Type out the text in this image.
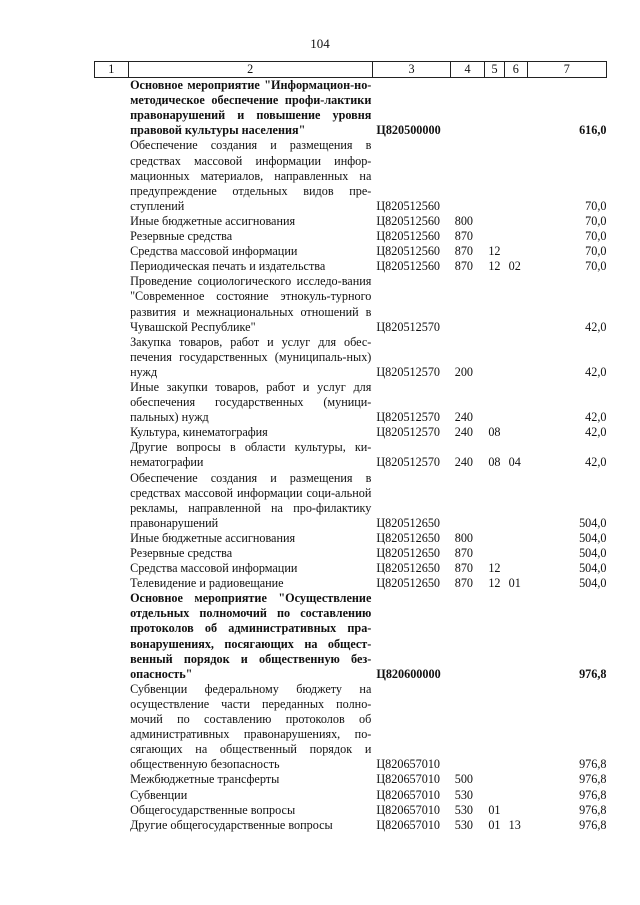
104
1	2	3	4	5	6	7
	Основное мероприятие "Информацион-но-методическое обеспечение профи-лактики правонарушений и повышение уровня правовой культуры населения"	Ц820500000				616,0
	Обеспечение создания и размещения в средствах массовой информации инфор-мационных материалов, направленных на предупреждение отдельных видов пре-ступлений	Ц820512560				70,0
	Иные бюджетные ассигнования	Ц820512560	800			70,0
	Резервные средства	Ц820512560	870			70,0
	Средства массовой информации	Ц820512560	870	12		70,0
	Периодическая печать и издательства	Ц820512560	870	12	02	70,0
	Проведение социологического исследо-вания "Современное состояние этнокуль-турного развития и межнациональных отношений в Чувашской Республике"	Ц820512570				42,0
	Закупка товаров, работ и услуг для обес-печения государственных (муниципаль-ных) нужд	Ц820512570	200			42,0
	Иные закупки товаров, работ и услуг для обеспечения государственных (муници-пальных) нужд	Ц820512570	240			42,0
	Культура, кинематография	Ц820512570	240	08		42,0
	Другие вопросы в области культуры, ки-нематографии	Ц820512570	240	08	04	42,0
	Обеспечение создания и размещения в средствах массовой информации соци-альной рекламы, направленной на про-филактику правонарушений	Ц820512650				504,0
	Иные бюджетные ассигнования	Ц820512650	800			504,0
	Резервные средства	Ц820512650	870			504,0
	Средства массовой информации	Ц820512650	870	12		504,0
	Телевидение и радиовещание	Ц820512650	870	12	01	504,0
	Основное мероприятие "Осуществление отдельных полномочий по составлению протоколов об административных пра-вонарушениях, посягающих на общест-венный порядок и общественную без-опасность"	Ц820600000				976,8
	Субвенции федеральному бюджету на осуществление части переданных полно-мочий по составлению протоколов об административных правонарушениях, по-сягающих на общественный порядок и общественную безопасность	Ц820657010				976,8
	Межбюджетные трансферты	Ц820657010	500			976,8
	Субвенции	Ц820657010	530			976,8
	Общегосударственные вопросы	Ц820657010	530	01		976,8
	Другие общегосударственные вопросы	Ц820657010	530	01	13	976,8
